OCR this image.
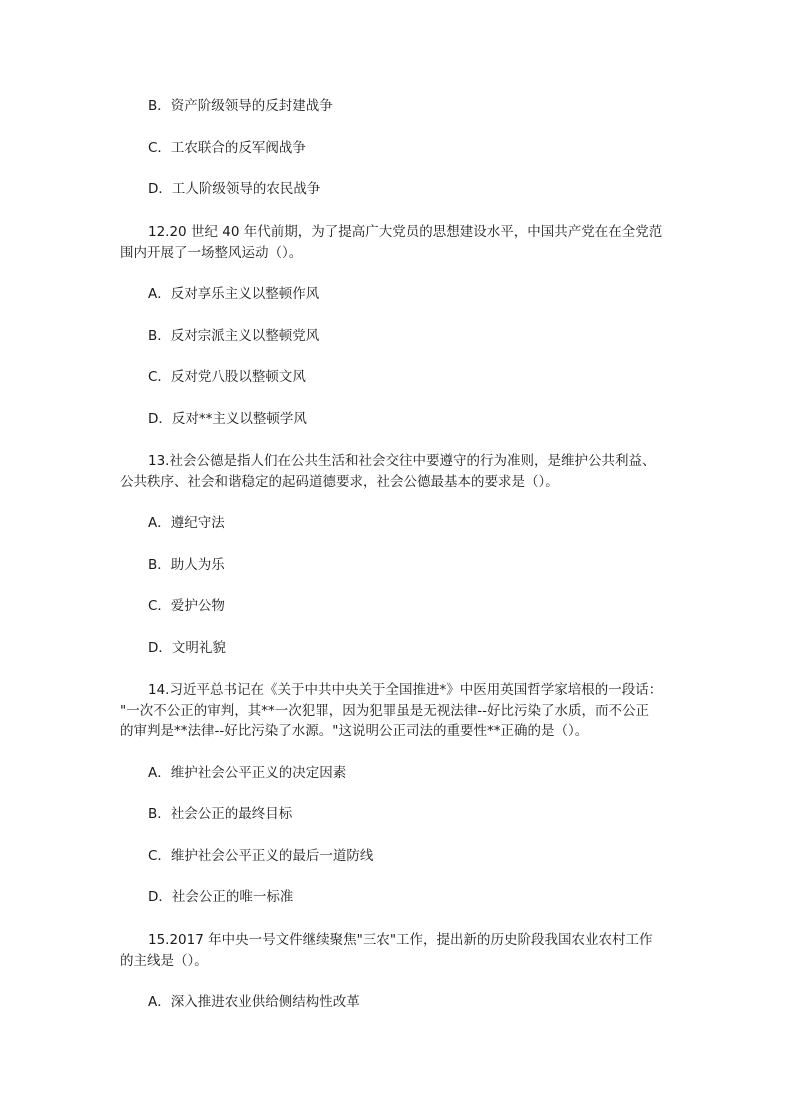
B．资产阶级领导的反封建战争
C．工农联合的反军阀战争
D．工人阶级领导的农民战争
12.20 世纪 40 年代前期，为了提高广大党员的思想建设水平，中国共产党在在全党范
围内开展了一场整风运动（）。
A．反对享乐主义以整顿作风
B．反对宗派主义以整顿党风
C．反对党八股以整顿文风
D．反对**主义以整顿学风
13.社会公德是指人们在公共生活和社会交往中要遵守的行为准则，是维护公共利益、
公共秩序、社会和谐稳定的起码道德要求，社会公德最基本的要求是（）。
A．遵纪守法
B．助人为乐
C．爱护公物
D．文明礼貌
14.习近平总书记在《关于中共中央关于全国推进*》中医用英国哲学家培根的一段话：
"一次不公正的审判，其**一次犯罪，因为犯罪虽是无视法律--好比污染了水质，而不公正
的审判是**法律--好比污染了水源。"这说明公正司法的重要性**正确的是（）。
A．维护社会公平正义的决定因素
B．社会公正的最终目标
C．维护社会公平正义的最后一道防线
D．社会公正的唯一标准
15.2017 年中央一号文件继续聚焦"三农"工作，提出新的历史阶段我国农业农村工作
的主线是（）。
A．深入推进农业供给侧结构性改革
